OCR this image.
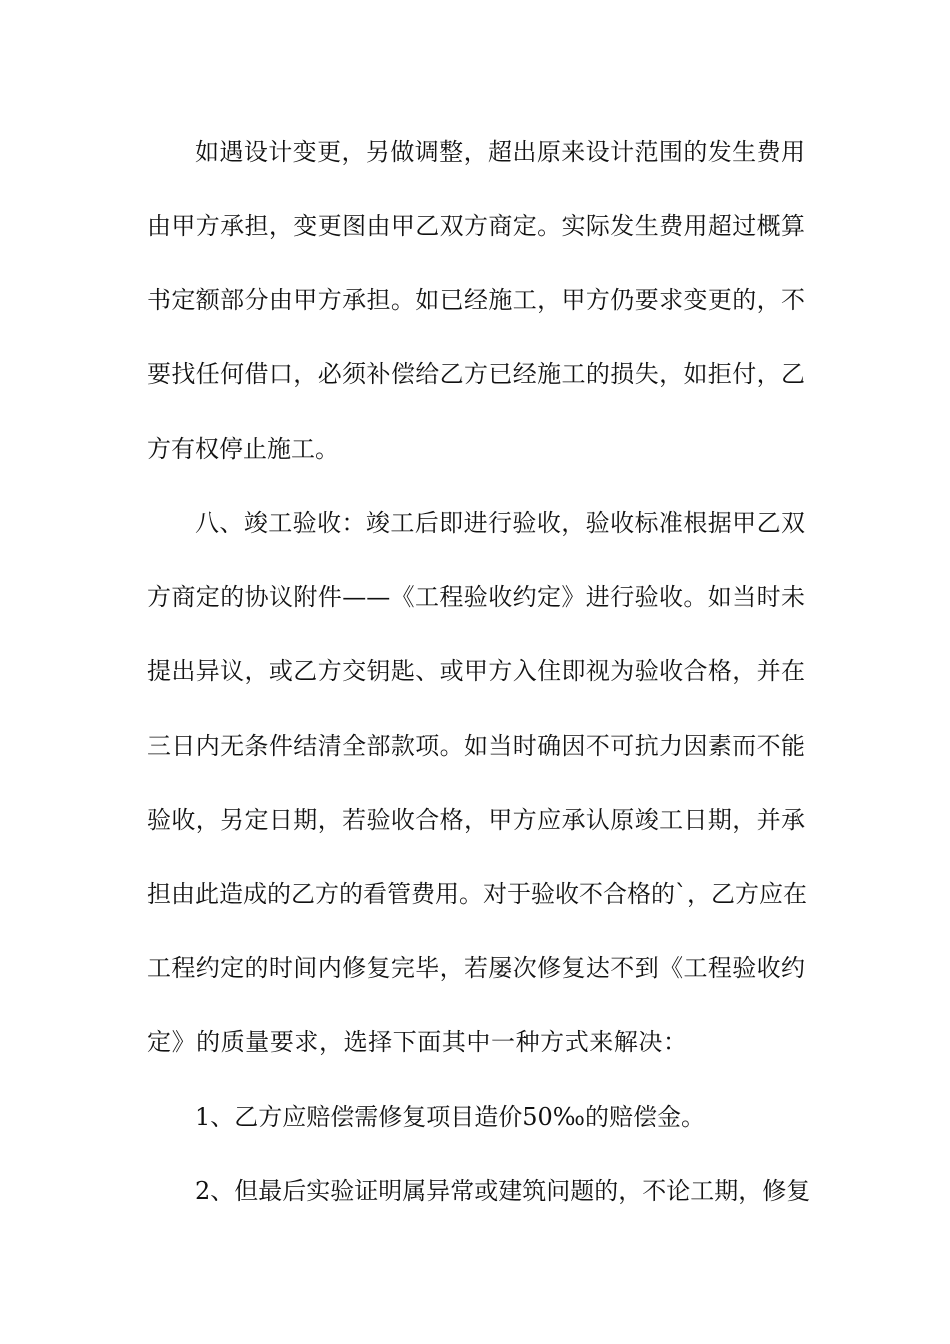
如遇设计变更，另做调整，超出原来设计范围的发生费用
由甲方承担，变更图由甲乙双方商定。实际发生费用超过概算
书定额部分由甲方承担。如已经施工，甲方仍要求变更的，不
要找任何借口，必须补偿给乙方已经施工的损失，如拒付，乙
方有权停止施工。
八、竣工验收：竣工后即进行验收，验收标准根据甲乙双
方商定的协议附件——《工程验收约定》进行验收。如当时未
提出异议，或乙方交钥匙、或甲方入住即视为验收合格，并在
三日内无条件结清全部款项。如当时确因不可抗力因素而不能
验收，另定日期，若验收合格，甲方应承认原竣工日期，并承
担由此造成的乙方的看管费用。对于验收不合格的`，乙方应在
工程约定的时间内修复完毕，若屡次修复达不到《工程验收约
定》的质量要求，选择下面其中一种方式来解决：
1、乙方应赔偿需修复项目造价50‰的赔偿金。
2、但最后实验证明属异常或建筑问题的，不论工期，修复
